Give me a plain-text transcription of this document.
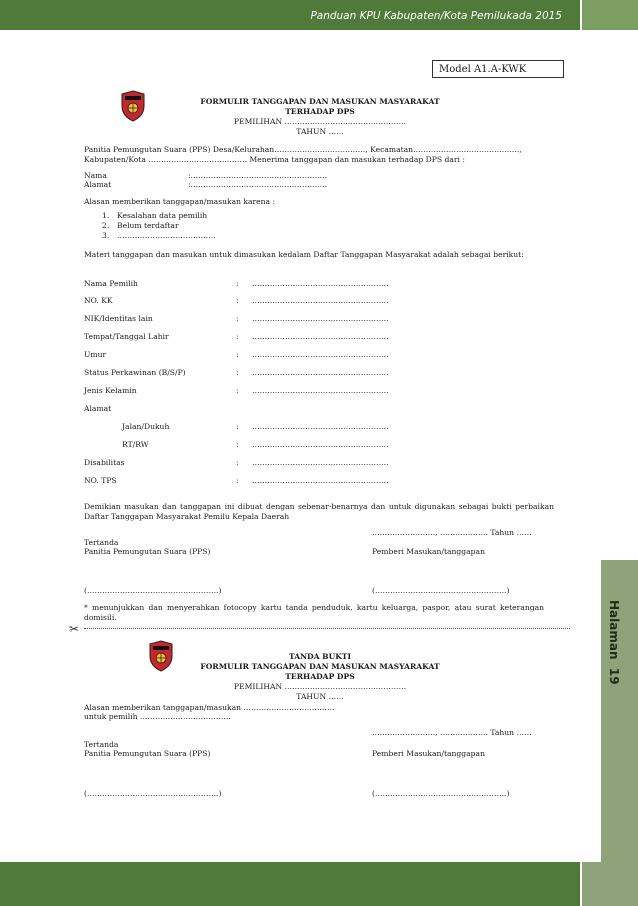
Panduan KPU Kabupaten/Kota Pemilukada 2015
Halaman  19
Model A1.A-KWK
FORMULIR TANGGAPAN DAN MASUKAN MASYARAKAT
TERHADAP DPS
PEMILIHAN …………………………………………
TAHUN ……
Panitia Pemungutan Suara (PPS) Desa/Kelurahan………………………………, Kecamatan……………………………………,
Kabupaten/Kota ………………………………… Menerima tanggapan dan masukan terhadap DPS dari :
Nama	:………………………………………………
Alamat	:………………………………………………
Alasan memberikan tanggapan/masukan karena :
1. Kesalahan data pemilih
2. Belum terdaftar
3. …………………………………
Materi tanggapan dan masukan untuk dimasukan kedalam Daftar Tanggapan Masyarakat adalah sebagai berikut:
Nama Pemilih	: ………………………………………………
NO. KK	: ………………………………………………
NIK/Identitas lain	: ………………………………………………
Tempat/Tanggal Lahir	: ………………………………………………
Umur	: ………………………………………………
Status Perkawinan (B/S/P)	: ………………………………………………
Jenis Kelamin	: ………………………………………………
Alamat
Jalan/Dukuh	: ………………………………………………
RT/RW	: ………………………………………………
Disabilitas	: ………………………………………………
NO. TPS	: ………………………………………………
Demikian masukan dan tanggapan ini dibuat dengan sebenar-benarnya dan untuk digunakan sebagai bukti perbaikan Daftar Tanggapan Masyarakat Pemilu Kepala Daerah
……………………., ………………. Tahun ……
Tertanda
Panitia Pemungutan Suara (PPS)	Pemberi Masukan/tanggapan
(…………………………………………….)	(…………………………………………….)
* menunjukkan dan menyerahkan fotocopy kartu tanda penduduk, kartu keluarga, paspor, atau surat keterangan domisili.
✂
TANDA BUKTI
FORMULIR TANGGAPAN DAN MASUKAN MASYARAKAT
TERHADAP DPS
PEMILIHAN …………………………………………
TAHUN ……
Alasan memberikan tanggapan/masukan ………………………………
untuk pemilih ………………………………
……………………., ………………. Tahun ……
Tertanda
Panitia Pemungutan Suara (PPS)	Pemberi Masukan/tanggapan
(…………………………………………….)	(…………………………………………….)
